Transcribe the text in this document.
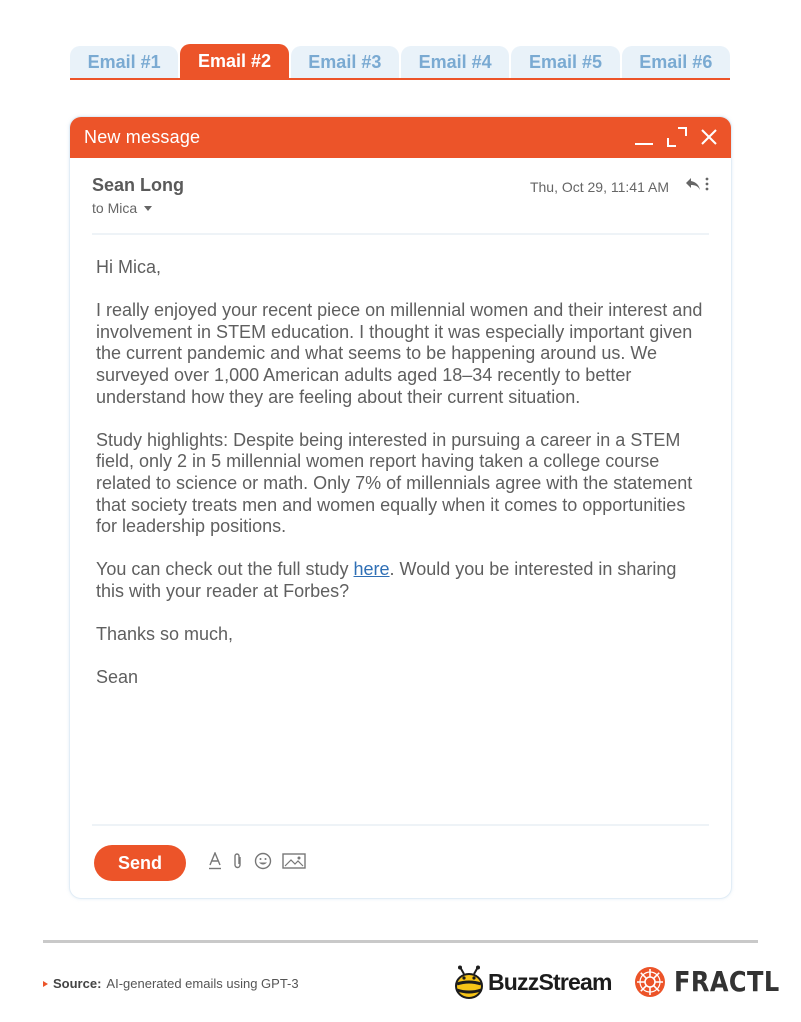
Email #1	Email #2	Email #3	Email #4	Email #5	Email #6
New message
Sean Long
to Mica
Thu, Oct 29, 11:41 AM

Hi Mica,

I really enjoyed your recent piece on millennial women and their interest and involvement in STEM education. I thought it was especially important given the current pandemic and what seems to be happening around us. We surveyed over 1,000 American adults aged 18–34 recently to better understand how they are feeling about their current situation.

Study highlights: Despite being interested in pursuing a career in a STEM field, only 2 in 5 millennial women report having taken a college course related to science or math. Only 7% of millennials agree with the statement that society treats men and women equally when it comes to opportunities for leadership positions.

You can check out the full study here. Would you be interested in sharing this with your reader at Forbes?

Thanks so much,

Sean

Send
Source: AI-generated emails using GPT-3	BuzzStream FRACTL
